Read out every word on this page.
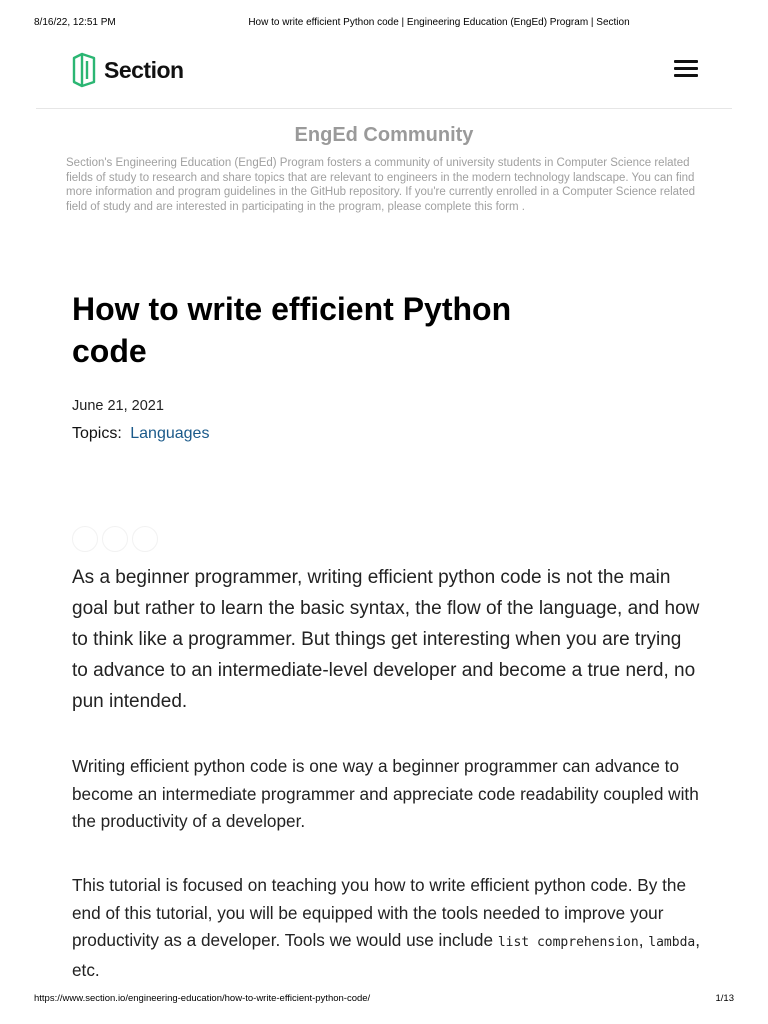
8/16/22, 12:51 PM	How to write efficient Python code | Engineering Education (EngEd) Program | Section
Section
EngEd Community
Section's Engineering Education (EngEd) Program fosters a community of university students in Computer Science related fields of study to research and share topics that are relevant to engineers in the modern technology landscape. You can find more information and program guidelines in the GitHub repository. If you're currently enrolled in a Computer Science related field of study and are interested in participating in the program, please complete this form .
How to write efficient Python code
June 21, 2021
Topics: Languages

As a beginner programmer, writing efficient python code is not the main goal but rather to learn the basic syntax, the flow of the language, and how to think like a programmer. But things get interesting when you are trying to advance to an intermediate-level developer and become a true nerd, no pun intended.

Writing efficient python code is one way a beginner programmer can advance to become an intermediate programmer and appreciate code readability coupled with the productivity of a developer.

This tutorial is focused on teaching you how to write efficient python code. By the end of this tutorial, you will be equipped with the tools needed to improve your productivity as a developer. Tools we would use include list comprehension, lambda, etc.

https://www.section.io/engineering-education/how-to-write-efficient-python-code/	1/13
